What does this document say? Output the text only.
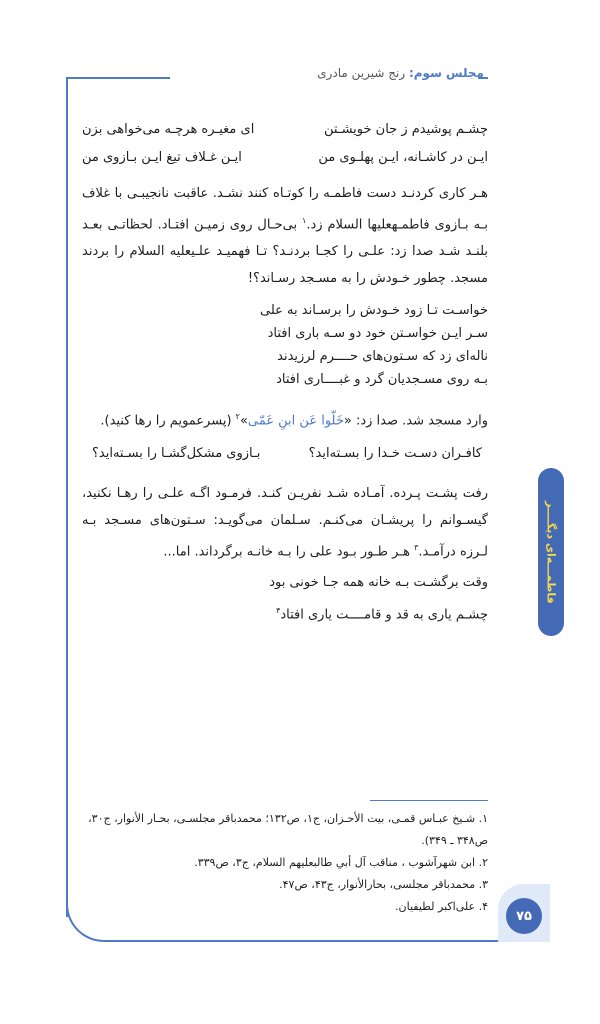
مجلس سوم: رنج شیرین مادری
چشـم پوشیدم ز جان خویشـتن
ای مغیـره هرچـه می‌خواهی بزن
ایـن در کاشـانه، ایـن پهلـوی من
ایـن غـلاف تیغ ایـن بـازوی من
هـر کاری کردنـد دست فاطمـه را کوتـاه کنند نشـد. عاقبت نانجیبـی با غلاف بـه بـازوی فاطمـهعليها السلام زد.$^۱$ بی‌حـال روی زمیـن افتـاد. لحظاتـی بعـد بلنـد شـد صدا زد: علـی را کجـا بردنـد؟ تـا فهمیـد علـیعليه السلام را بردند مسجد. چطور خـودش را به مسـجد رسـاند؟!
خواسـت تـا زود خـودش را برسـاند به علی
سـر ایـن خواسـتن خود دو سـه باری افتاد
ناله‌ای زد که سـتون‌های حــــرم لرزیدند
بـه روی مسـجدیان گرد و غبــــاری افتاد
وارد مسجد شد. صدا زد: «خَلّوا عَن ابنِ عَمّی»$^۲$ (پسرعمویم را رها کنید).
کافـران دسـت خـدا را بسـته‌اید؟
بـازوی مشکل‌گشـا را بسـته‌اید؟
رفت پشـت پـرده. آمـاده شـد نفریـن کنـد. فرمـود اگـه علـی را رهـا نکنید، گیسـوانم را پریشـان می‌کنـم. سـلمان می‌گویـد: سـتون‌های مسـجد بـه لـرزه درآمـد.$^۳$ هـر طـور بـود علی را بـه خانـه برگرداند. اما...
وقت برگشـت بـه خانه همه جـا خونی بود
چشـم یاری به قد و قامــــت یاری افتاد$^۴$
فاطمـــه‌ای دیگــــر
۱. شـیخ عبـاس قمـی، بیت الأحـزان، ج۱، ص۱۳۲؛ محمدباقر مجلسـی، بحـار الأنوار، ج۳۰، ص۳۴۸ ـ ۳۴۹).
۲. ابن شهرآشوب ، مناقب آل أبي طالبعليهم السلام، ج۳، ص۳۳۹.
۳. محمدباقر مجلسی، بحارالأنوار، ج۴۳، ص۴۷.
۴. علی‌اکبر لطیفیان.
۷۵
